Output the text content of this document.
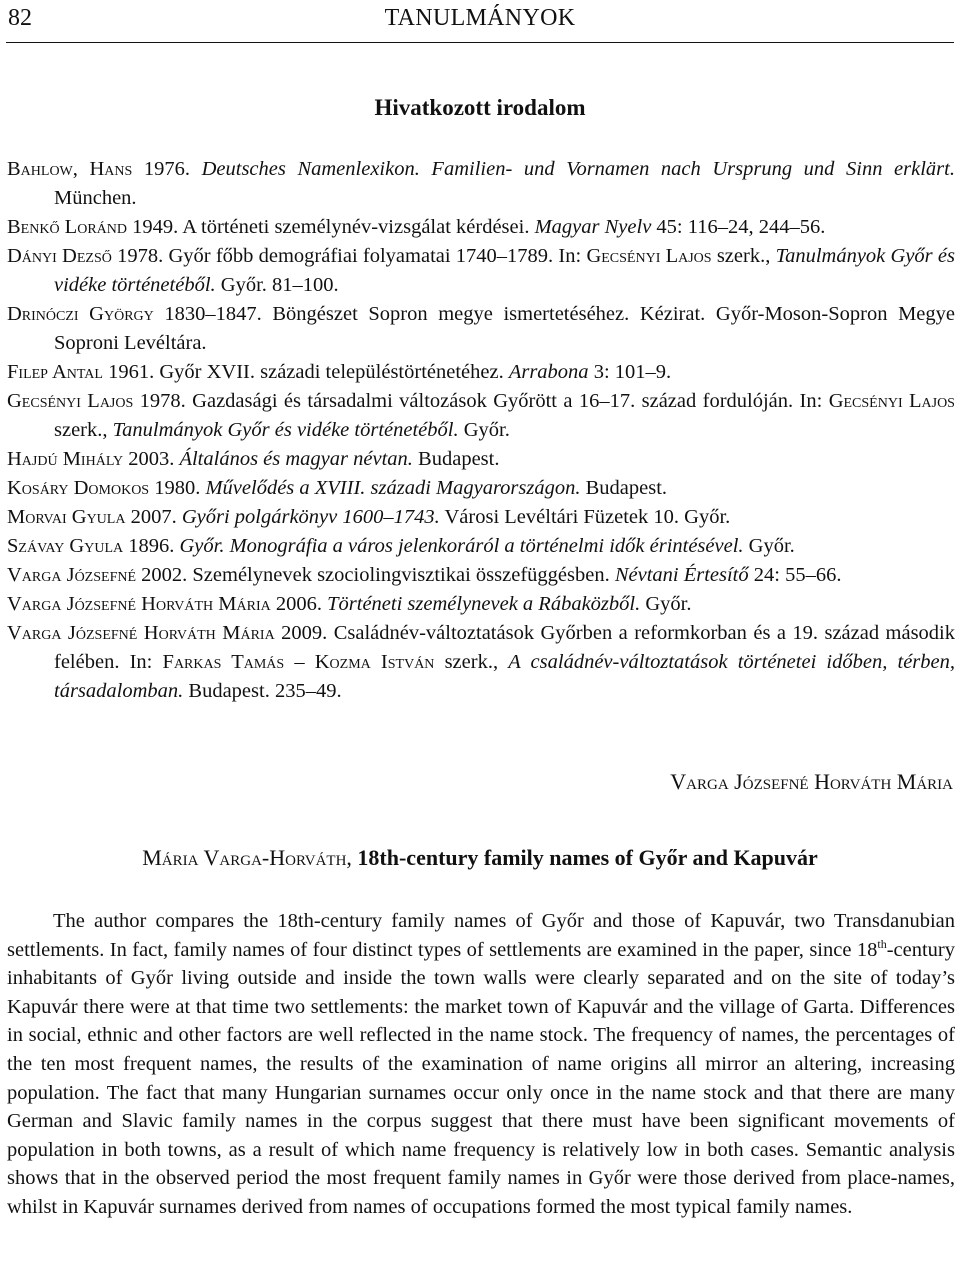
82	TANULMÁNYOK
Hivatkozott irodalom

Bahlow, Hans 1976. Deutsches Namenlexikon. Familien- und Vornamen nach Ursprung und Sinn erklärt. München.

Benkő Loránd 1949. A történeti személynév-vizsgálat kérdései. Magyar Nyelv 45: 116–24, 244–56.

Dányi Dezső 1978. Győr főbb demográfiai folyamatai 1740–1789. In: Gecsényi Lajos szerk., Tanulmányok Győr és vidéke történetéből. Győr. 81–100.

Drinóczi György 1830–1847. Böngészet Sopron megye ismertetéséhez. Kézirat. Győr-Moson-Sopron Megye Soproni Levéltára.

Filep Antal 1961. Győr XVII. századi településtörténetéhez. Arrabona 3: 101–9.

Gecsényi Lajos 1978. Gazdasági és társadalmi változások Győrött a 16–17. század fordulóján. In: Gecsényi Lajos szerk., Tanulmányok Győr és vidéke történetéből. Győr.

Hajdú Mihály 2003. Általános és magyar névtan. Budapest.

Kosáry Domokos 1980. Művelődés a XVIII. századi Magyarországon. Budapest.

Morvai Gyula 2007. Győri polgárkönyv 1600–1743. Városi Levéltári Füzetek 10. Győr.

Szávay Gyula 1896. Győr. Monográfia a város jelenkoráról a történelmi idők érintésével. Győr.

Varga Józsefné 2002. Személynevek szociolingvisztikai összefüggésben. Névtani Értesítő 24: 55–66.

Varga Józsefné Horváth Mária 2006. Történeti személynevek a Rábaközből. Győr.

Varga Józsefné Horváth Mária 2009. Családnév-változtatások Győrben a reformkorban és a 19. század második felében. In: Farkas Tamás – Kozma István szerk., A családnév-változtatások történetei időben, térben, társadalomban. Budapest. 235–49.

Varga Józsefné Horváth Mária
Mária Varga-Horváth, 18th-century family names of Győr and Kapuvár

The author compares the 18th-century family names of Győr and those of Kapuvár, two Transdanubian settlements. In fact, family names of four distinct types of settlements are examined in the paper, since 18th-century inhabitants of Győr living outside and inside the town walls were clearly separated and on the site of today’s Kapuvár there were at that time two settlements: the market town of Kapuvár and the village of Garta. Differences in social, ethnic and other factors are well reflected in the name stock. The frequency of names, the percentages of the ten most frequent names, the results of the examination of name origins all mirror an altering, increasing population. The fact that many Hungarian surnames occur only once in the name stock and that there are many German and Slavic family names in the corpus suggest that there must have been significant movements of population in both towns, as a result of which name frequency is relatively low in both cases. Semantic analysis shows that in the observed period the most frequent family names in Győr were those derived from place-names, whilst in Kapuvár surnames derived from names of occupations formed the most typical family names.
